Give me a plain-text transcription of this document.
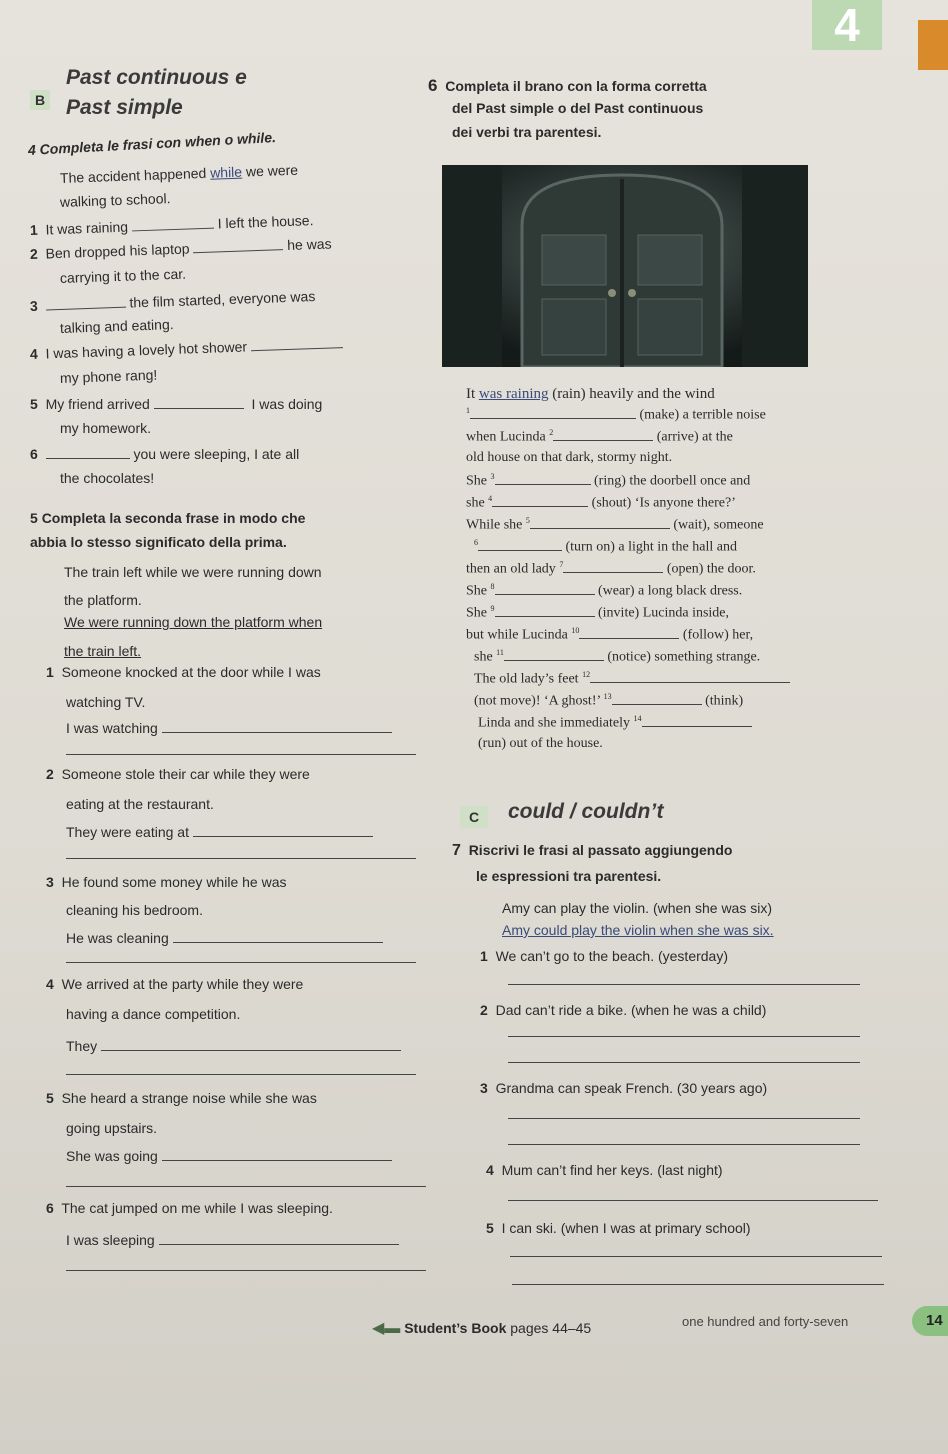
4
B
Past continuous e
Past simple
4 Completa le frasi con when o while.
The accident happened while we were
walking to school.
1 It was raining	I left the house.
2 Ben dropped his laptop	he was
carrying it to the car.
3	the film started, everyone was
talking and eating.
4 I was having a lovely hot shower
my phone rang!
5 My friend arrived	I was doing
my homework.
6	you were sleeping, I ate all
the chocolates!
5 Completa la seconda frase in modo che
abbia lo stesso significato della prima.
The train left while we were running down
the platform.
We were running down the platform when
the train left.
1 Someone knocked at the door while I was
watching TV.
I was watching
2 Someone stole their car while they were
eating at the restaurant.
They were eating at
3 He found some money while he was
cleaning his bedroom.
He was cleaning
4 We arrived at the party while they were
having a dance competition.
They
5 She heard a strange noise while she was
going upstairs.
She was going
6 The cat jumped on me while I was sleeping.
I was sleeping
6 Completa il brano con la forma corretta
del Past simple o del Past continuous
dei verbi tra parentesi.
It was raining (rain) heavily and the wind
$^1$	(make) a terrible noise
when Lucinda $^2$	(arrive) at the
old house on that dark, stormy night.
She $^3$	(ring) the doorbell once and
she $^4$	(shout) ‘Is anyone there?’
While she $^5$	(wait), someone
$^6$	(turn on) a light in the hall and
then an old lady $^7$	(open) the door.
She $^8$	(wear) a long black dress.
She $^9$	(invite) Lucinda inside,
but while Lucinda $^{10}$	(follow) her,
she $^{11}$	(notice) something strange.
The old lady’s feet $^{12}$
(not move)! ‘A ghost!’ $^{13}$	(think)
Linda and she immediately $^{14}$
(run) out of the house.
C	could / couldn’t
7 Riscrivi le frasi al passato aggiungendo
le espressioni tra parentesi.
Amy can play the violin. (when she was six)
Amy could play the violin when she was six.
1 We can’t go to the beach. (yesterday)
2 Dad can’t ride a bike. (when he was a child)
3 Grandma can speak French. (30 years ago)
4 Mum can’t find her keys. (last night)
5 I can ski. (when I was at primary school)
◀▬ Student’s Book pages 44–45	one hundred and forty-seven	14
